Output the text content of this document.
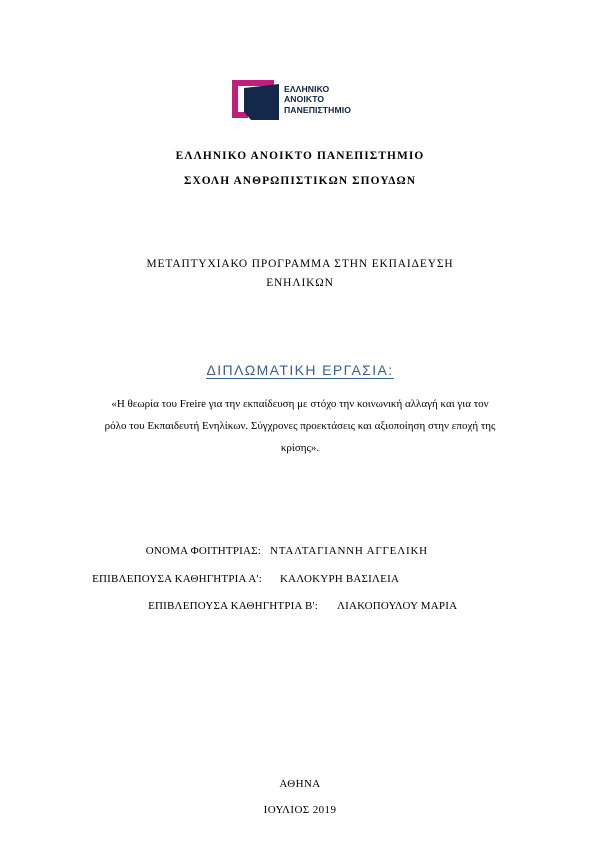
ΕΛΛΗΝΙΚΟ
ΑΝΟΙΚΤΟ
ΠΑΝΕΠΙΣΤΗΜΙΟ
ΕΛΛΗΝΙΚΟ ΑΝΟΙΚΤΟ ΠΑΝΕΠΙΣΤΗΜΙΟ
ΣΧΟΛΗ ΑΝΘΡΩΠΙΣΤΙΚΩΝ ΣΠΟΥΔΩΝ
ΜΕΤΑΠΤΥΧΙΑΚΟ ΠΡΟΓΡΑΜΜΑ ΣΤΗΝ ΕΚΠΑΙΔΕΥΣΗ
ΕΝΗΛΙΚΩΝ
ΔΙΠΛΩΜΑΤΙΚΗ ΕΡΓΑΣΙΑ:
«Η θεωρία του Freire για την εκπαίδευση με στόχο την κοινωνική αλλαγή και για τον
ρόλο του Εκπαιδευτή Ενηλίκων. Σύγχρονες προεκτάσεις και αξιοποίηση στην εποχή της
κρίσης».
ΟΝΟΜΑ ΦΟΙΤΗΤΡΙΑΣ: ΝΤΑΛΤΑΓΙΑΝΝΗ ΑΓΓΕΛΙΚΗ
ΕΠΙΒΛΕΠΟΥΣΑ ΚΑΘΗΓΗΤΡΙΑ Α': ΚΑΛΟΚΥΡΗ ΒΑΣΙΛΕΙΑ
ΕΠΙΒΛΕΠΟΥΣΑ ΚΑΘΗΓΗΤΡΙΑ Β': ΛΙΑΚΟΠΟΥΛΟΥ ΜΑΡΙΑ
ΑΘΗΝΑ
ΙΟΥΛΙΟΣ 2019
